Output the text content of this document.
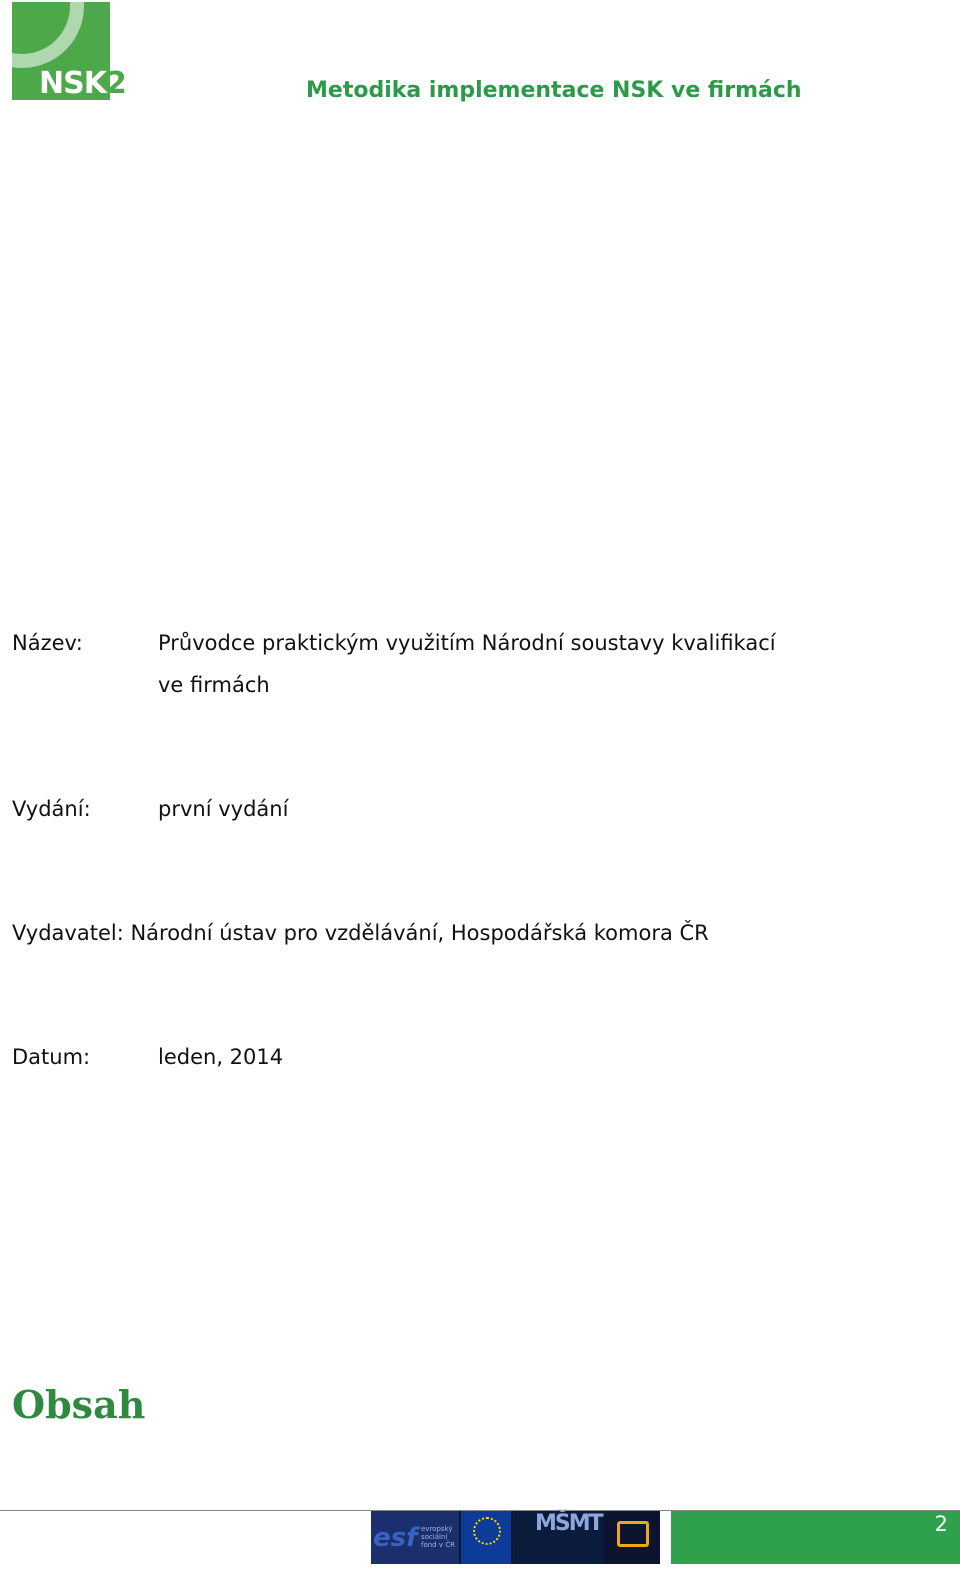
NSK2	Metodika implementace NSK ve firmách
Název:	Průvodce praktickým využitím Národní soustavy kvalifikací
ve firmách
Vydání:	první vydání
Vydavatel: Národní ústav pro vzdělávání, Hospodářská komora ČR
Datum:	leden, 2014
Obsah
esf evropský sociální fond v ČR
MŠMT	2
